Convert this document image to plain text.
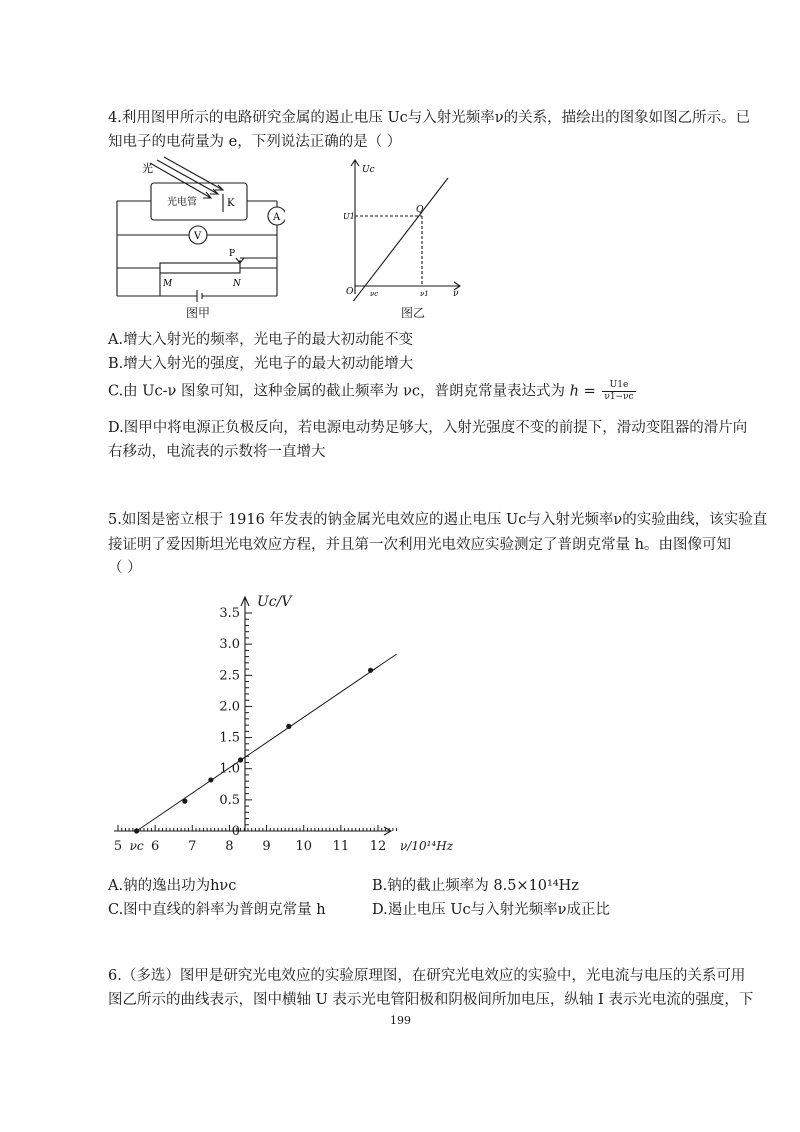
4.利用图甲所示的电路研究金属的遏止电压 Uc与入射光频率ν的关系，描绘出的图象如图乙所示。已
知电子的电荷量为 e，下列说法正确的是（ ）
光
光电管	K
A
V
P
M	N
图甲
Uc
U1
Q
O νc	ν1	ν
图乙
A.增大入射光的频率，光电子的最大初动能不变
B.增大入射光的强度，光电子的最大初动能增大
C.由 Uc-ν 图象可知，这种金属的截止频率为 νc，普朗克常量表达式为 $h = \frac{U1e}{\nu 1-\nu c}$
D.图甲中将电源正负极反向，若电源电动势足够大，入射光强度不变的前提下，滑动变阻器的滑片向
右移动，电流表的示数将一直增大
5.如图是密立根于 1916 年发表的钠金属光电效应的遏止电压 Uc与入射光频率ν的实验曲线，该实验直
接证明了爱因斯坦光电效应方程，并且第一次利用光电效应实验测定了普朗克常量 h。由图像可知
（ ）
0
0.5
1.0
1.5
2.0
2.5
3.0
3.5
5 νc 6 7 8 9 10 11 12
Uc/V
ν/10¹⁴Hz
A.钠的逸出功为hνc	B.钠的截止频率为 8.5×10¹⁴Hz
C.图中直线的斜率为普朗克常量 h	D.遏止电压 Uc与入射光频率ν成正比
6.（多选）图甲是研究光电效应的实验原理图，在研究光电效应的实验中，光电流与电压的关系可用
图乙所示的曲线表示，图中横轴 U 表示光电管阳极和阴极间所加电压，纵轴 I 表示光电流的强度，下
199
